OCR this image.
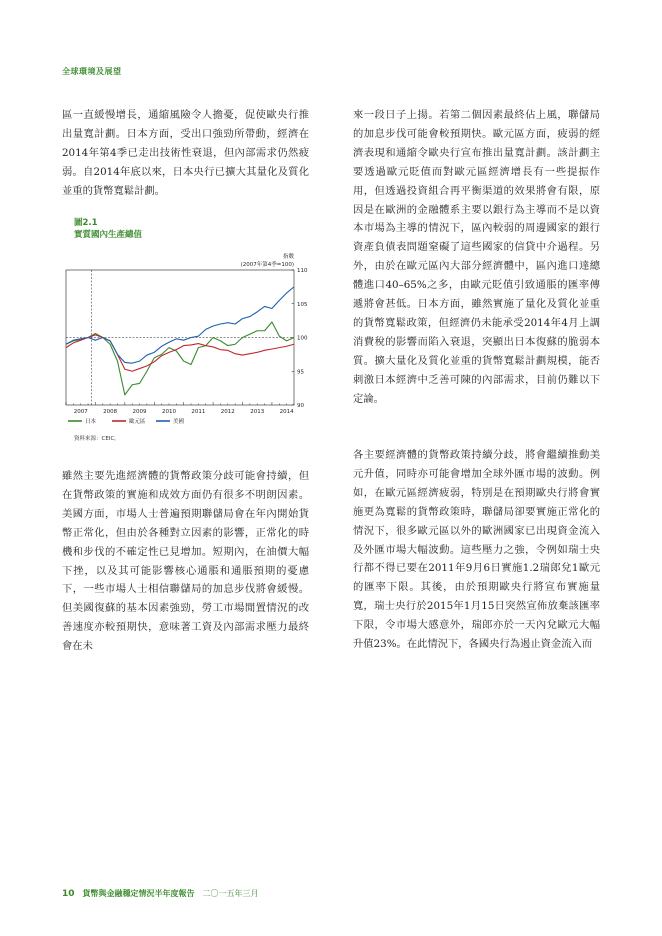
全球環境及展望

區一直緩慢增長，通縮風險令人擔憂，促使歐央行推出量寬計劃。日本方面，受出口強勁所帶動，經濟在2014年第4季已走出技術性衰退，但內部需求仍然疲弱。自2014年底以來，日本央行已擴大其量化及質化並重的貨幣寬鬆計劃。

圖2.1
實質國內生產總值
指數
(2007年第4季=100)
90
95
100
105
110
2007	2008	2009	2010	2011	2012	2013	2014
日本	歐元區	美國
資料來源：CEIC。

雖然主要先進經濟體的貨幣政策分歧可能會持續，但在貨幣政策的實施和成效方面仍有很多不明朗因素。美國方面，市場人士普遍預期聯儲局會在年內開始貨幣正常化，但由於各種對立因素的影響，正常化的時機和步伐的不確定性已見增加。短期內，在油價大幅下挫，以及其可能影響核心通脹和通脹預期的憂慮下，一些市場人士相信聯儲局的加息步伐將會緩慢。但美國復蘇的基本因素強勁，勞工市場閒置情況的改善速度亦較預期快，意味著工資及內部需求壓力最終會在未

來一段日子上揚。若第二個因素最終佔上風，聯儲局的加息步伐可能會較預期快。歐元區方面，疲弱的經濟表現和通縮令歐央行宣布推出量寬計劃。該計劃主要透過歐元貶值而對歐元區經濟增長有一些提振作用，但透過投資組合再平衡渠道的效果將會有限，原因是在歐洲的金融體系主要以銀行為主導而不是以資本市場為主導的情況下，區內較弱的周邊國家的銀行資產負債表問題窒礙了這些國家的信貸中介過程。另外，由於在歐元區內大部分經濟體中，區內進口達總體進口40–65%之多，由歐元貶值引致通脹的匯率傳遞將會甚低。日本方面，雖然實施了量化及質化並重的貨幣寬鬆政策，但經濟仍未能承受2014年4月上調消費稅的影響而陷入衰退，突顯出日本復蘇的脆弱本質。擴大量化及質化並重的貨幣寬鬆計劃規模，能否刺激日本經濟中乏善可陳的內部需求，目前仍難以下定論。

各主要經濟體的貨幣政策持續分歧，將會繼續推動美元升值，同時亦可能會增加全球外匯市場的波動。例如，在歐元區經濟疲弱，特別是在預期歐央行將會實施更為寬鬆的貨幣政策時，聯儲局卻要實施正常化的情況下，很多歐元區以外的歐洲國家已出現資金流入及外匯市場大幅波動。這些壓力之強，令例如瑞士央行都不得已要在2011年9月6日實施1.2瑞郎兌1歐元的匯率下限。其後，由於預期歐央行將宣布實施量寬，瑞士央行於2015年1月15日突然宣佈放棄該匯率下限，令市場大感意外，瑞郎亦於一天內兌歐元大幅升值23%。在此情況下，各國央行為遏止資金流入而

10 貨幣與金融穩定情況半年度報告 二〇一五年三月
